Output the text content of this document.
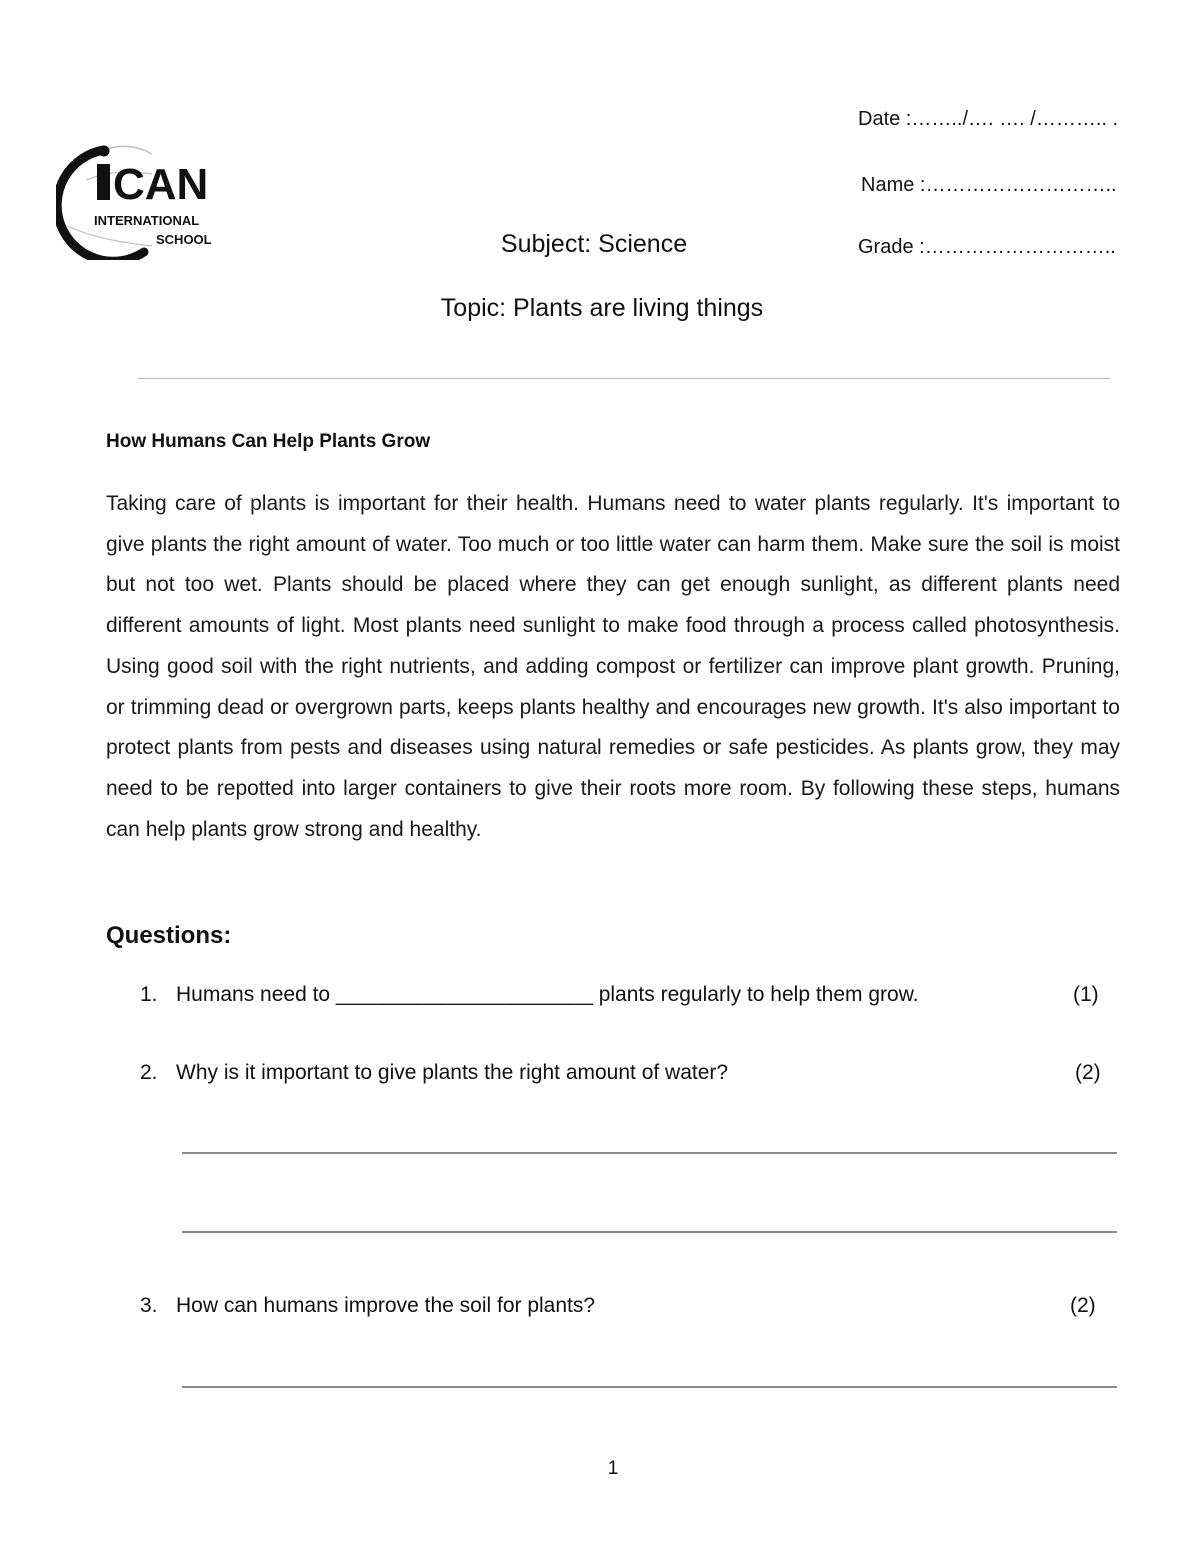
CAN
INTERNATIONAL
SCHOOL
Date :……../…. …. /……….. .
Name :………………………..
Grade :………………………..
Subject: Science
Topic: Plants are living things
How Humans Can Help Plants Grow
Taking care of plants is important for their health. Humans need to water plants regularly. It's important to give plants the right amount of water. Too much or too little water can harm them. Make sure the soil is moist but not too wet. Plants should be placed where they can get enough sunlight, as different plants need different amounts of light. Most plants need sunlight to make food through a process called photosynthesis. Using good soil with the right nutrients, and adding compost or fertilizer can improve plant growth. Pruning, or trimming dead or overgrown parts, keeps plants healthy and encourages new growth. It's also important to protect plants from pests and diseases using natural remedies or safe pesticides. As plants grow, they may need to be repotted into larger containers to give their roots more room. By following these steps, humans can help plants grow strong and healthy.
Questions:
1. Humans need to ______________________ plants regularly to help them grow.	(1)
2. Why is it important to give plants the right amount of water?	(2)
3. How can humans improve the soil for plants?	(2)
1
